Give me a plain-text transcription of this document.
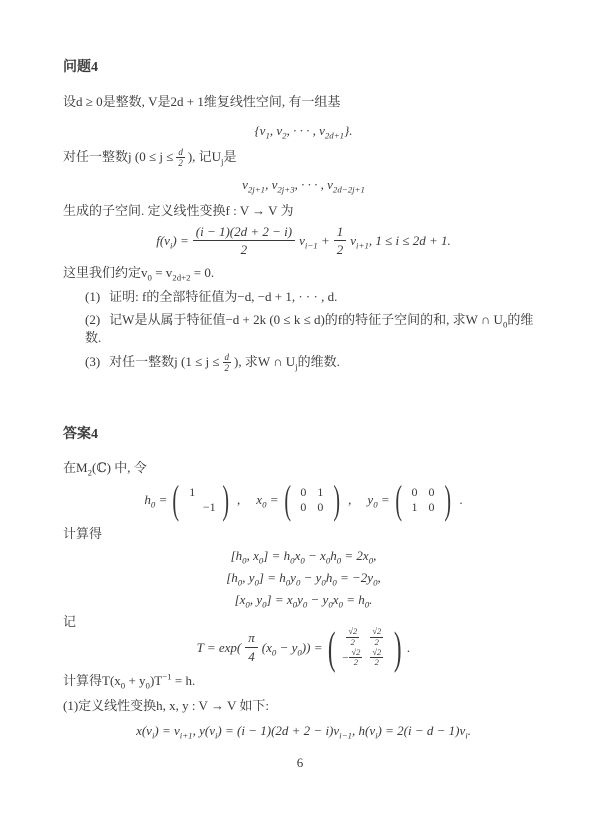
问题4

设d ≥ 0是整数, V是2d + 1维复线性空间, 有一组基

{$v_1$, $v_2$, · · · , $v_{2d+1}$}.

对任一整数j ($0 \le j \le \frac{d}{2}$ ), 记$U_j$是

$v_{2j+1}$, $v_{2j+3}$, · · · , $v_{2d-2j+1}$

生成的子空间. 定义线性变换f : V → V 为

$f(v_i) = \frac{(i - 1)(2d + 2 - i)}{2} v_{i-1} + \frac{1}{2} v_{i+1}$, 1 ≤ i ≤ 2d + 1.

这里我们约定$v_0 = v_{2d+2} = 0$.

(1) 证明: f的全部特征值为−d, −d + 1, · · · , d.
(2) 记W是从属于特征值−d + 2k (0 ≤ k ≤ d)的f的特征子空间的和, 求W ∩ $U_0$的维数.
(3) 对任一整数j ($1 \le j \le \frac{d}{2}$ ), 求W ∩ $U_j$的维数.
答案4

在$M_2(ℂ)$ 中, 令

$h_0$ = ( 1
−1 ) , $x_0$ = ( 0 1
0 0 ) , $y_0$ = ( 0 0
1 0 ) .

计算得

[$h_0$, $x_0] = h_0x_0 - x_0h_0 = 2x_0$,
[$h_0$, $y_0] = h_0y_0 - y_0h_0 = -2y_0$,
[$x_0$, $y_0] = x_0y_0 - y_0x_0 = h_0$.

记

$T = \exp( \frac{\pi}{4} (x_0 - y_0))$ = ( $\frac{√2}{2} \frac{√2}{2}$
− $\frac{√2}{2} \frac{√2}{2}$ ) .

计算得$T(x_0 + y_0)T^{-1} = h$.

(1)定义线性变换h, x, y : V → V 如下:

$x(v_i) = v_{i+1}$, $y(v_i) = (i - 1)(2d + 2 - i)v_{i-1}$, $h(v_i) = 2(i - d - 1)v_i$.
6
